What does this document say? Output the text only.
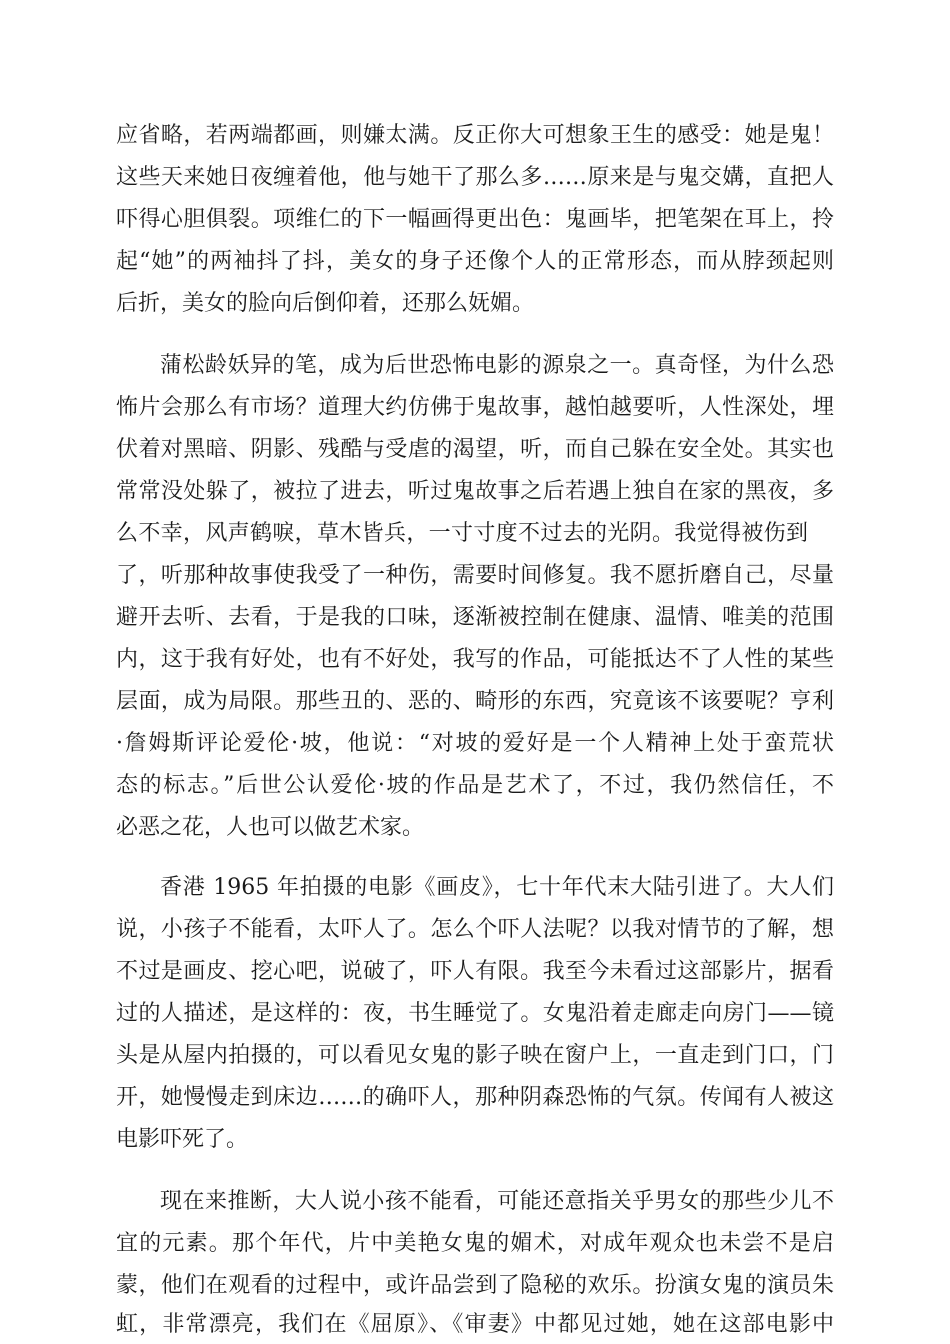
应省略，若两端都画，则嫌太满。反正你大可想象王生的感受：她是鬼！
这些天来她日夜缠着他，他与她干了那么多……原来是与鬼交媾，直把人
吓得心胆俱裂。项维仁的下一幅画得更出色：鬼画毕，把笔架在耳上，拎
起“她”的两袖抖了抖，美女的身子还像个人的正常形态，而从脖颈起则
后折，美女的脸向后倒仰着，还那么妩媚。
蒲松龄妖异的笔，成为后世恐怖电影的源泉之一。真奇怪，为什么恐
怖片会那么有市场？道理大约仿佛于鬼故事，越怕越要听，人性深处，埋
伏着对黑暗、阴影、残酷与受虐的渴望，听，而自己躲在安全处。其实也
常常没处躲了，被拉了进去，听过鬼故事之后若遇上独自在家的黑夜，多
么不幸，风声鹤唳，草木皆兵，一寸寸度不过去的光阴。我觉得被伤到
了，听那种故事使我受了一种伤，需要时间修复。我不愿折磨自己，尽量
避开去听、去看，于是我的口味，逐渐被控制在健康、温情、唯美的范围
内，这于我有好处，也有不好处，我写的作品，可能抵达不了人性的某些
层面，成为局限。那些丑的、恶的、畸形的东西，究竟该不该要呢？亨利
·詹姆斯评论爱伦·坡，他说：“对坡的爱好是一个人精神上处于蛮荒状
态的标志。”后世公认爱伦·坡的作品是艺术了，不过，我仍然信任，不
必恶之花，人也可以做艺术家。
香港 1965 年拍摄的电影《画皮》，七十年代末大陆引进了。大人们
说，小孩子不能看，太吓人了。怎么个吓人法呢？以我对情节的了解，想
不过是画皮、挖心吧，说破了，吓人有限。我至今未看过这部影片，据看
过的人描述，是这样的：夜，书生睡觉了。女鬼沿着走廊走向房门——镜
头是从屋内拍摄的，可以看见女鬼的影子映在窗户上，一直走到门口，门
开，她慢慢走到床边……的确吓人，那种阴森恐怖的气氛。传闻有人被这
电影吓死了。
现在来推断，大人说小孩不能看，可能还意指关乎男女的那些少儿不
宜的元素。那个年代，片中美艳女鬼的媚术，对成年观众也未尝不是启
蒙，他们在观看的过程中，或许品尝到了隐秘的欢乐。扮演女鬼的演员朱
虹，非常漂亮，我们在《屈原》、《审妻》中都见过她，她在这部电影中
